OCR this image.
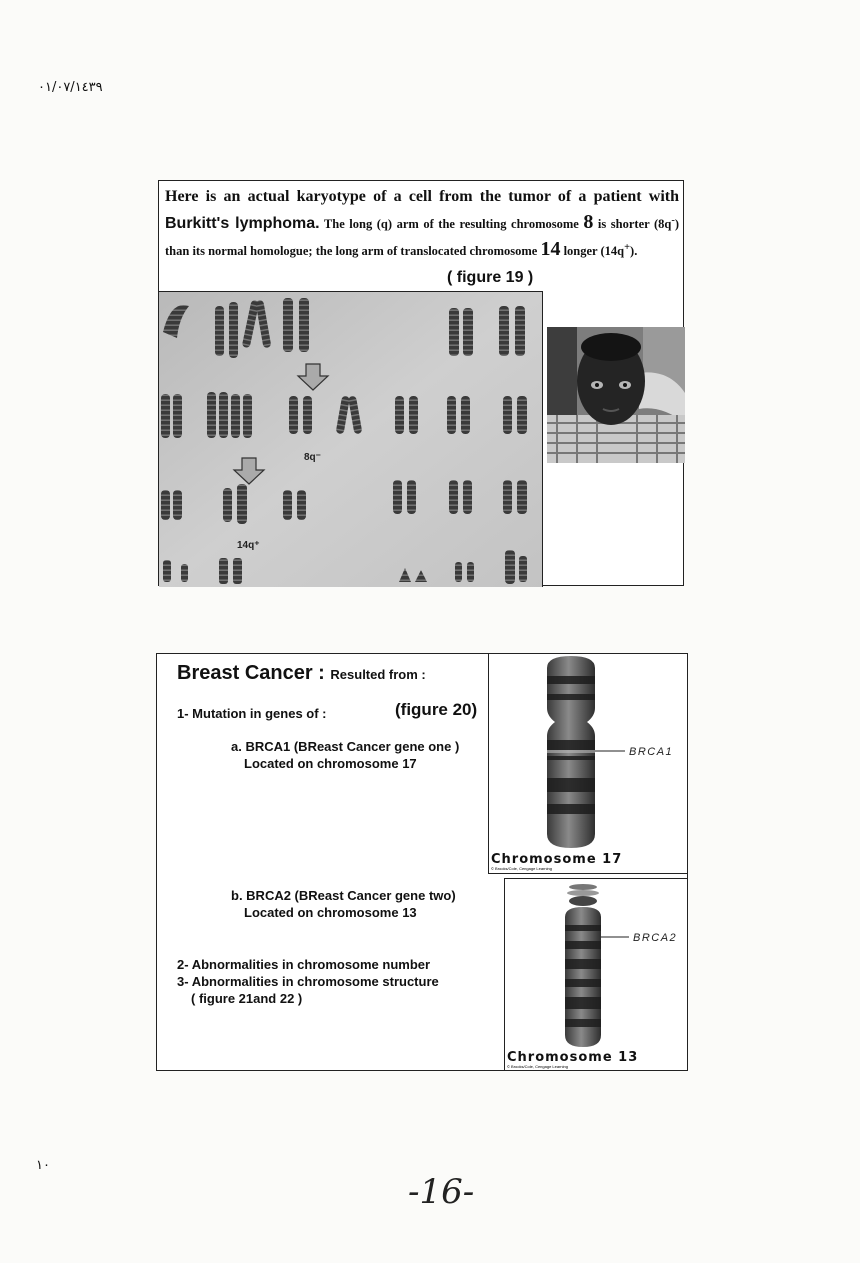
٠١/٠٧/١٤٣٩
Here is an actual karyotype of a cell from the tumor of a patient with Burkitt's lymphoma. The long (q) arm of the resulting chromosome 8 is shorter (8q-) than its normal homologue; the long arm of translocated chromosome 14 longer (14q+).
( figure 19 )
8q⁻
14q⁺
Breast Cancer : Resulted from :
1- Mutation in genes of :	(figure 20)
a. BRCA1 (BReast Cancer gene one )
Located on chromosome 17
b. BRCA2 (BReast Cancer gene two)
Located on chromosome 13
2- Abnormalities in chromosome number
3- Abnormalities in chromosome structure
( figure 21and 22 )
BRCA1
Chromosome 17
© Brooks/Cole, Cengage Learning
BRCA2
Chromosome 13
© Brooks/Cole, Cengage Learning
١٠
-16-
